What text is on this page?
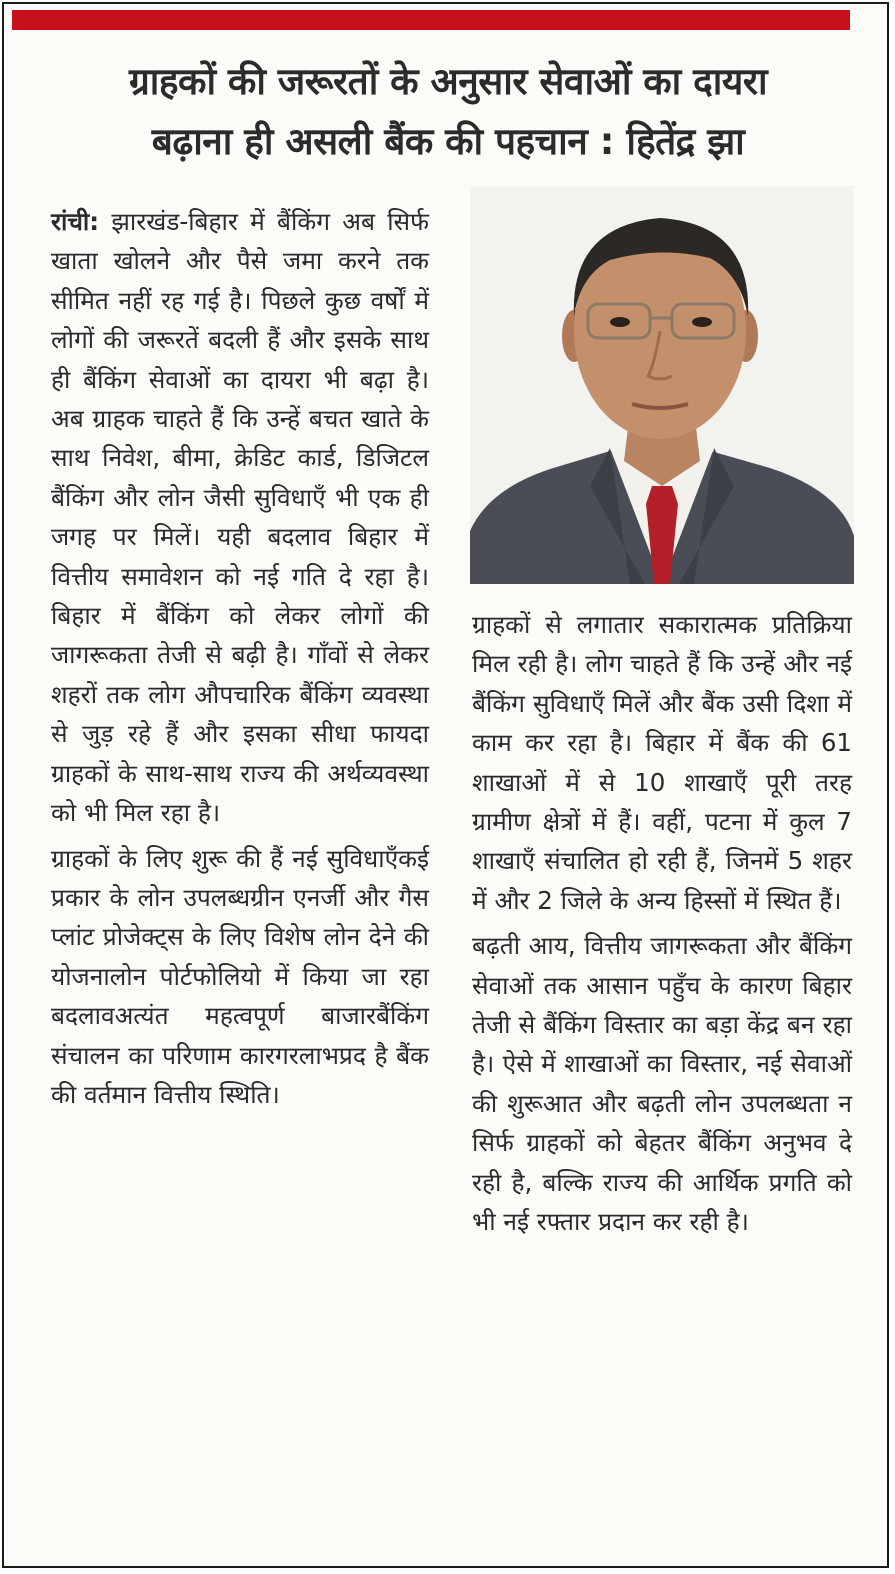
ग्राहकों की जरूरतों के अनुसार सेवाओं का दायरा
बढ़ाना ही असली बैंक की पहचान : हितेंद्र झा

रांची: झारखंड-बिहार में बैंकिंग अब सिर्फ खाता खोलने और पैसे जमा करने तक सीमित नहीं रह गई है। पिछले कुछ वर्षों में लोगों की जरूरतें बदली हैं और इसके साथ ही बैंकिंग सेवाओं का दायरा भी बढ़ा है। अब ग्राहक चाहते हैं कि उन्हें बचत खाते के साथ निवेश, बीमा, क्रेडिट कार्ड, डिजिटल बैंकिंग और लोन जैसी सुविधाएँ भी एक ही जगह पर मिलें। यही बदलाव बिहार में वित्तीय समावेशन को नई गति दे रहा है। बिहार में बैंकिंग को लेकर लोगों की जागरूकता तेजी से बढ़ी है। गाँवों से लेकर शहरों तक लोग औपचारिक बैंकिंग व्यवस्था से जुड़ रहे हैं और इसका सीधा फायदा ग्राहकों के साथ-साथ राज्य की अर्थव्यवस्था को भी मिल रहा है।

ग्राहकों के लिए शुरू की हैं नई सुविधाएँकई प्रकार के लोन उपलब्धग्रीन एनर्जी और गैस प्लांट प्रोजेक्ट्स के लिए विशेष लोन देने की योजनालोन पोर्टफोलियो में किया जा रहा बदलावअत्यंत महत्वपूर्ण बाजारबैंकिंग संचालन का परिणाम कारगरलाभप्रद है बैंक की वर्तमान वित्तीय स्थिति।

ग्राहकों से लगातार सकारात्मक प्रतिक्रिया मिल रही है। लोग चाहते हैं कि उन्हें और नई बैंकिंग सुविधाएँ मिलें और बैंक उसी दिशा में काम कर रहा है। बिहार में बैंक की 61 शाखाओं में से 10 शाखाएँ पूरी तरह ग्रामीण क्षेत्रों में हैं। वहीं, पटना में कुल 7 शाखाएँ संचालित हो रही हैं, जिनमें 5 शहर में और 2 जिले के अन्य हिस्सों में स्थित हैं।

बढ़ती आय, वित्तीय जागरूकता और बैंकिंग सेवाओं तक आसान पहुँच के कारण बिहार तेजी से बैंकिंग विस्तार का बड़ा केंद्र बन रहा है। ऐसे में शाखाओं का विस्तार, नई सेवाओं की शुरूआत और बढ़ती लोन उपलब्धता न सिर्फ ग्राहकों को बेहतर बैंकिंग अनुभव दे रही है, बल्कि राज्य की आर्थिक प्रगति को भी नई रफ्तार प्रदान कर रही है।
